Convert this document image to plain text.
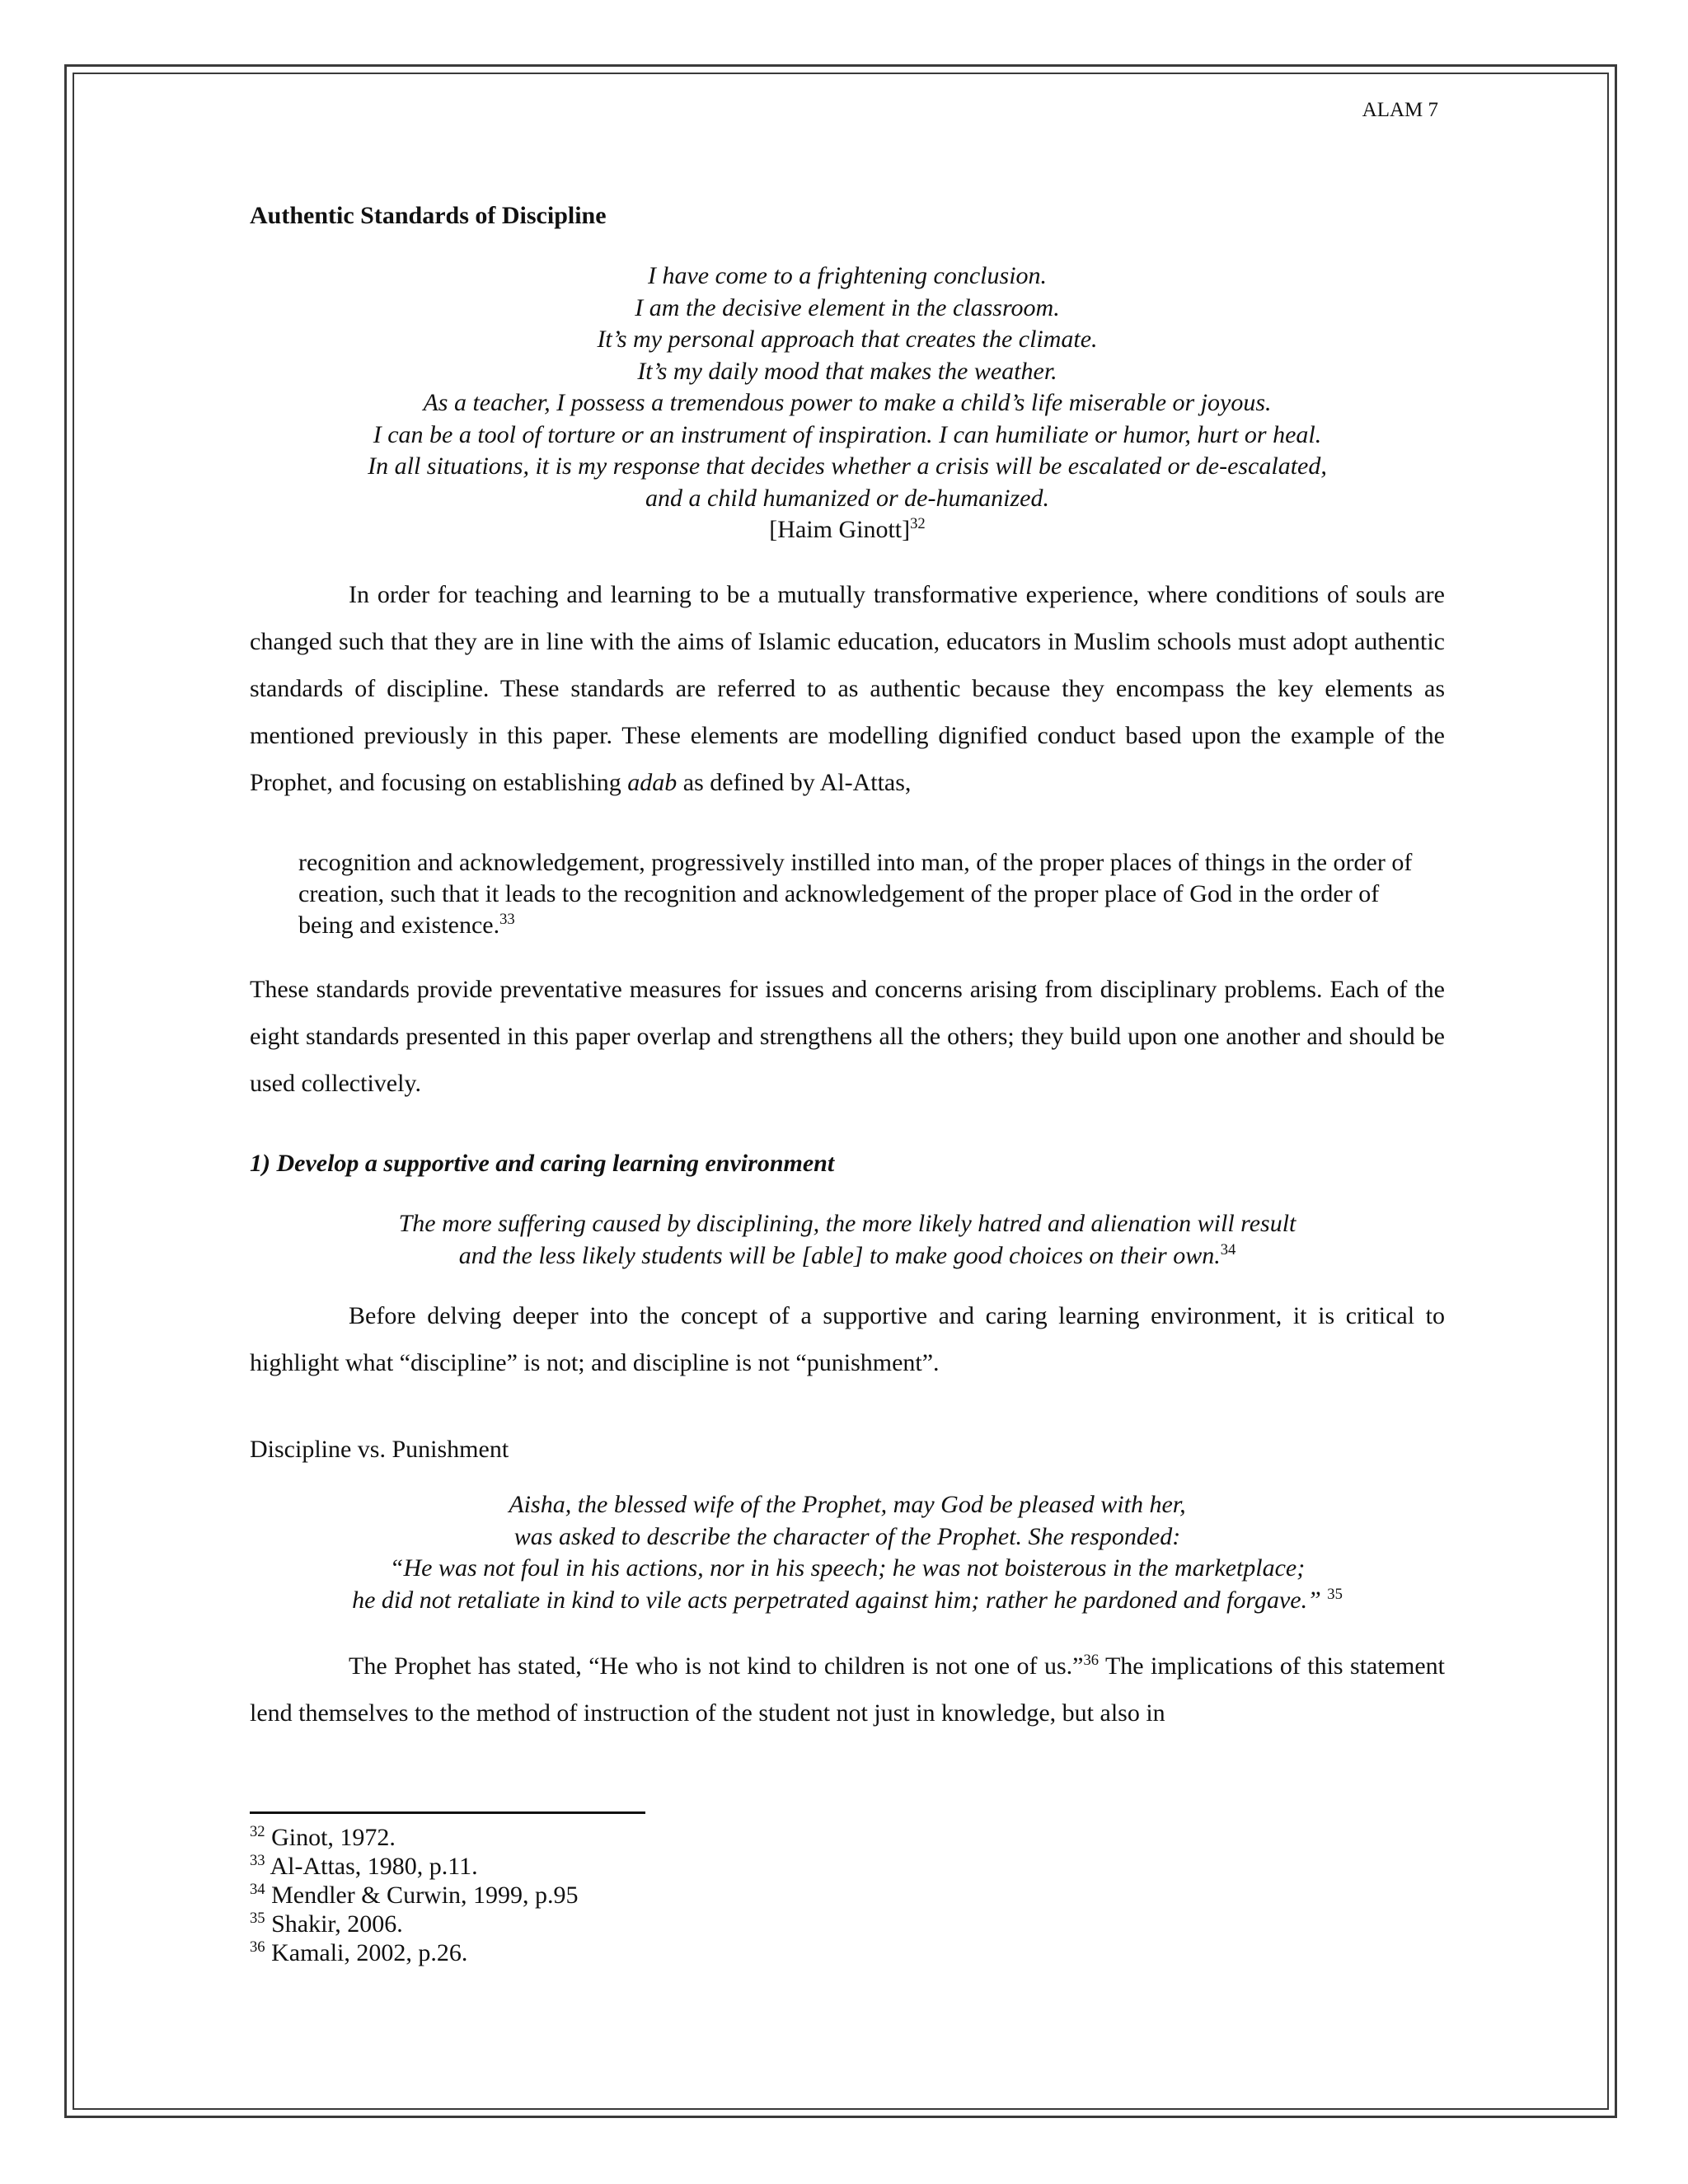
ALAM 7
Authentic Standards of Discipline
I have come to a frightening conclusion.
I am the decisive element in the classroom.
It’s my personal approach that creates the climate.
It’s my daily mood that makes the weather.
As a teacher, I possess a tremendous power to make a child’s life miserable or joyous.
I can be a tool of torture or an instrument of inspiration. I can humiliate or humor, hurt or heal.
In all situations, it is my response that decides whether a crisis will be escalated or de-escalated,
and a child humanized or de-humanized.
[Haim Ginott]$^{32}$
In order for teaching and learning to be a mutually transformative experience, where conditions of souls are changed such that they are in line with the aims of Islamic education, educators in Muslim schools must adopt authentic standards of discipline. These standards are referred to as authentic because they encompass the key elements as mentioned previously in this paper. These elements are modelling dignified conduct based upon the example of the Prophet, and focusing on establishing adab as defined by Al-Attas,
recognition and acknowledgement, progressively instilled into man, of the proper places of things in the order of creation, such that it leads to the recognition and acknowledgement of the proper place of God in the order of being and existence.$^{33}$
These standards provide preventative measures for issues and concerns arising from disciplinary problems. Each of the eight standards presented in this paper overlap and strengthens all the others; they build upon one another and should be used collectively.
1) Develop a supportive and caring learning environment
The more suffering caused by disciplining, the more likely hatred and alienation will result
and the less likely students will be [able] to make good choices on their own.$^{34}$
Before delving deeper into the concept of a supportive and caring learning environment, it is critical to highlight what “discipline” is not; and discipline is not “punishment”.
Discipline vs. Punishment
Aisha, the blessed wife of the Prophet, may God be pleased with her,
was asked to describe the character of the Prophet. She responded:
“He was not foul in his actions, nor in his speech; he was not boisterous in the marketplace;
he did not retaliate in kind to vile acts perpetrated against him; rather he pardoned and forgave.” $^{35}$
The Prophet has stated, “He who is not kind to children is not one of us.”$^{36}$ The implications of this statement lend themselves to the method of instruction of the student not just in knowledge, but also in
$^{32}$ Ginot, 1972.
$^{33}$ Al-Attas, 1980, p.11.
$^{34}$ Mendler & Curwin, 1999, p.95
$^{35}$ Shakir, 2006.
$^{36}$ Kamali, 2002, p.26.
